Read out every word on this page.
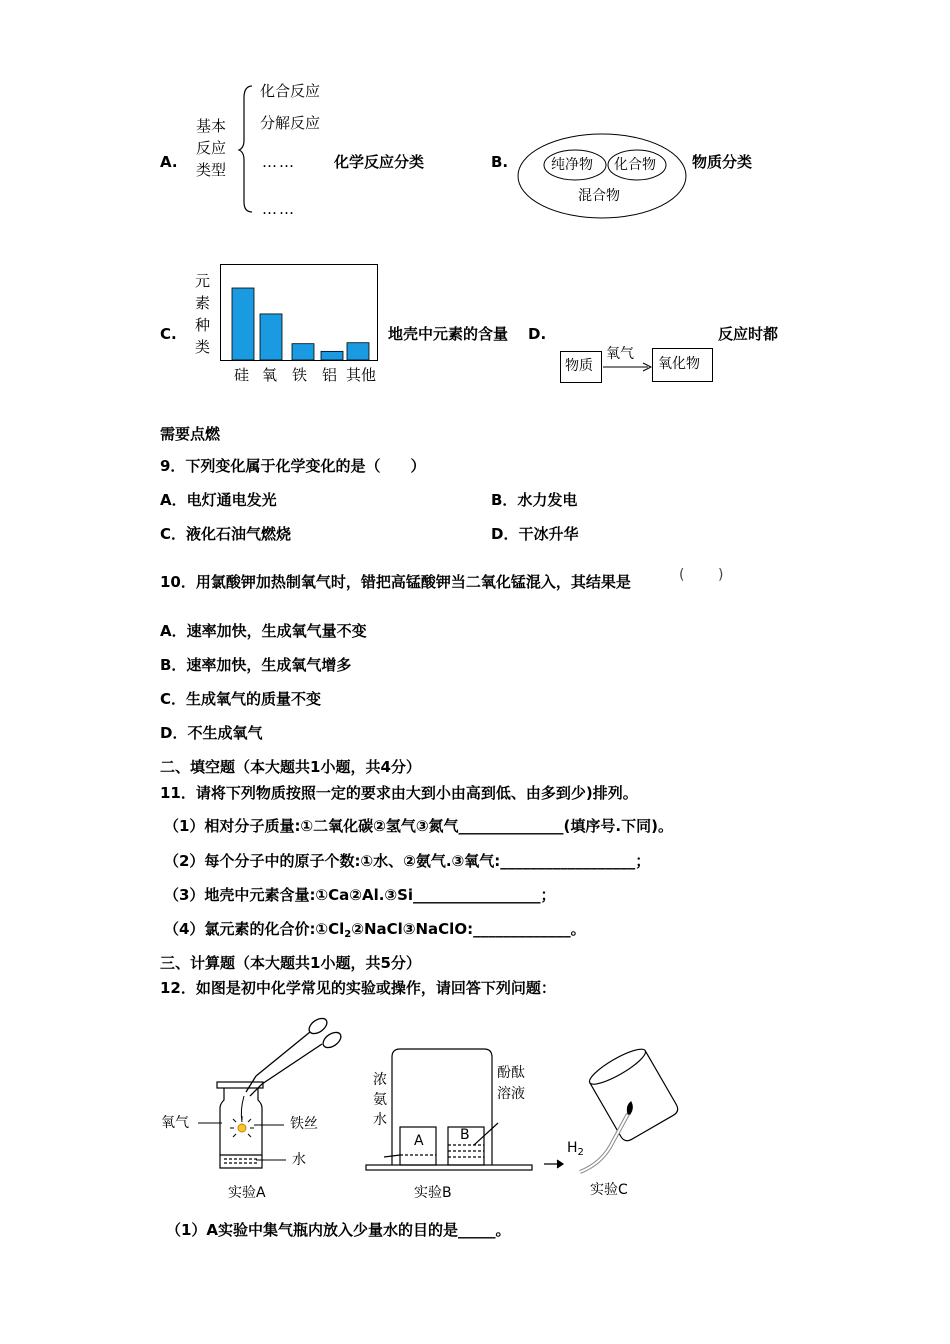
A.
基本
反应
类型
化合反应
分解反应
……
……
化学反应分类	B.	纯净物 化合物
混合物
物质分类
C.
元
素
种
类
硅 氧 铁 铝 其他
地壳中元素的含量 D.
物质
氧气
氧化物
反应时都
需要点燃
9．下列变化属于化学变化的是（　　）
A．电灯通电发光	B．水力发电
C．液化石油气燃烧	D．干冰升华
10．用氯酸钾加热制氧气时，错把高锰酸钾当二氧化锰混入，其结果是	( )
A．速率加快，生成氧气量不变
B．速率加快，生成氧气增多
C．生成氧气的质量不变
D．不生成氧气
二、填空题（本大题共1小题，共4分）
11．请将下列物质按照一定的要求由大到小由高到低、由多到少)排列。
（1）相对分子质量:①二氧化碳②氢气③氮气______________(填序号.下同)。
（2）每个分子中的原子个数:①水、②氨气.③氧气:__________________；
（3）地壳中元素含量:①Ca②Al.③Si_________________；
（4）氯元素的化合价$:①Cl_2②NaCl③NaClO:\_\_\_\_\_\_\_\_\_\_\_\_\_$。
三、计算题（本大题共1小题，共5分）
12．如图是初中化学常见的实验或操作，请回答下列问题：
氧气	铁丝
水
实验A
浓
氨
水
酚酞
溶液
A	B
实验B
$H_2$
实验C
（1）A实验中集气瓶内放入少量水的目的是_____。
